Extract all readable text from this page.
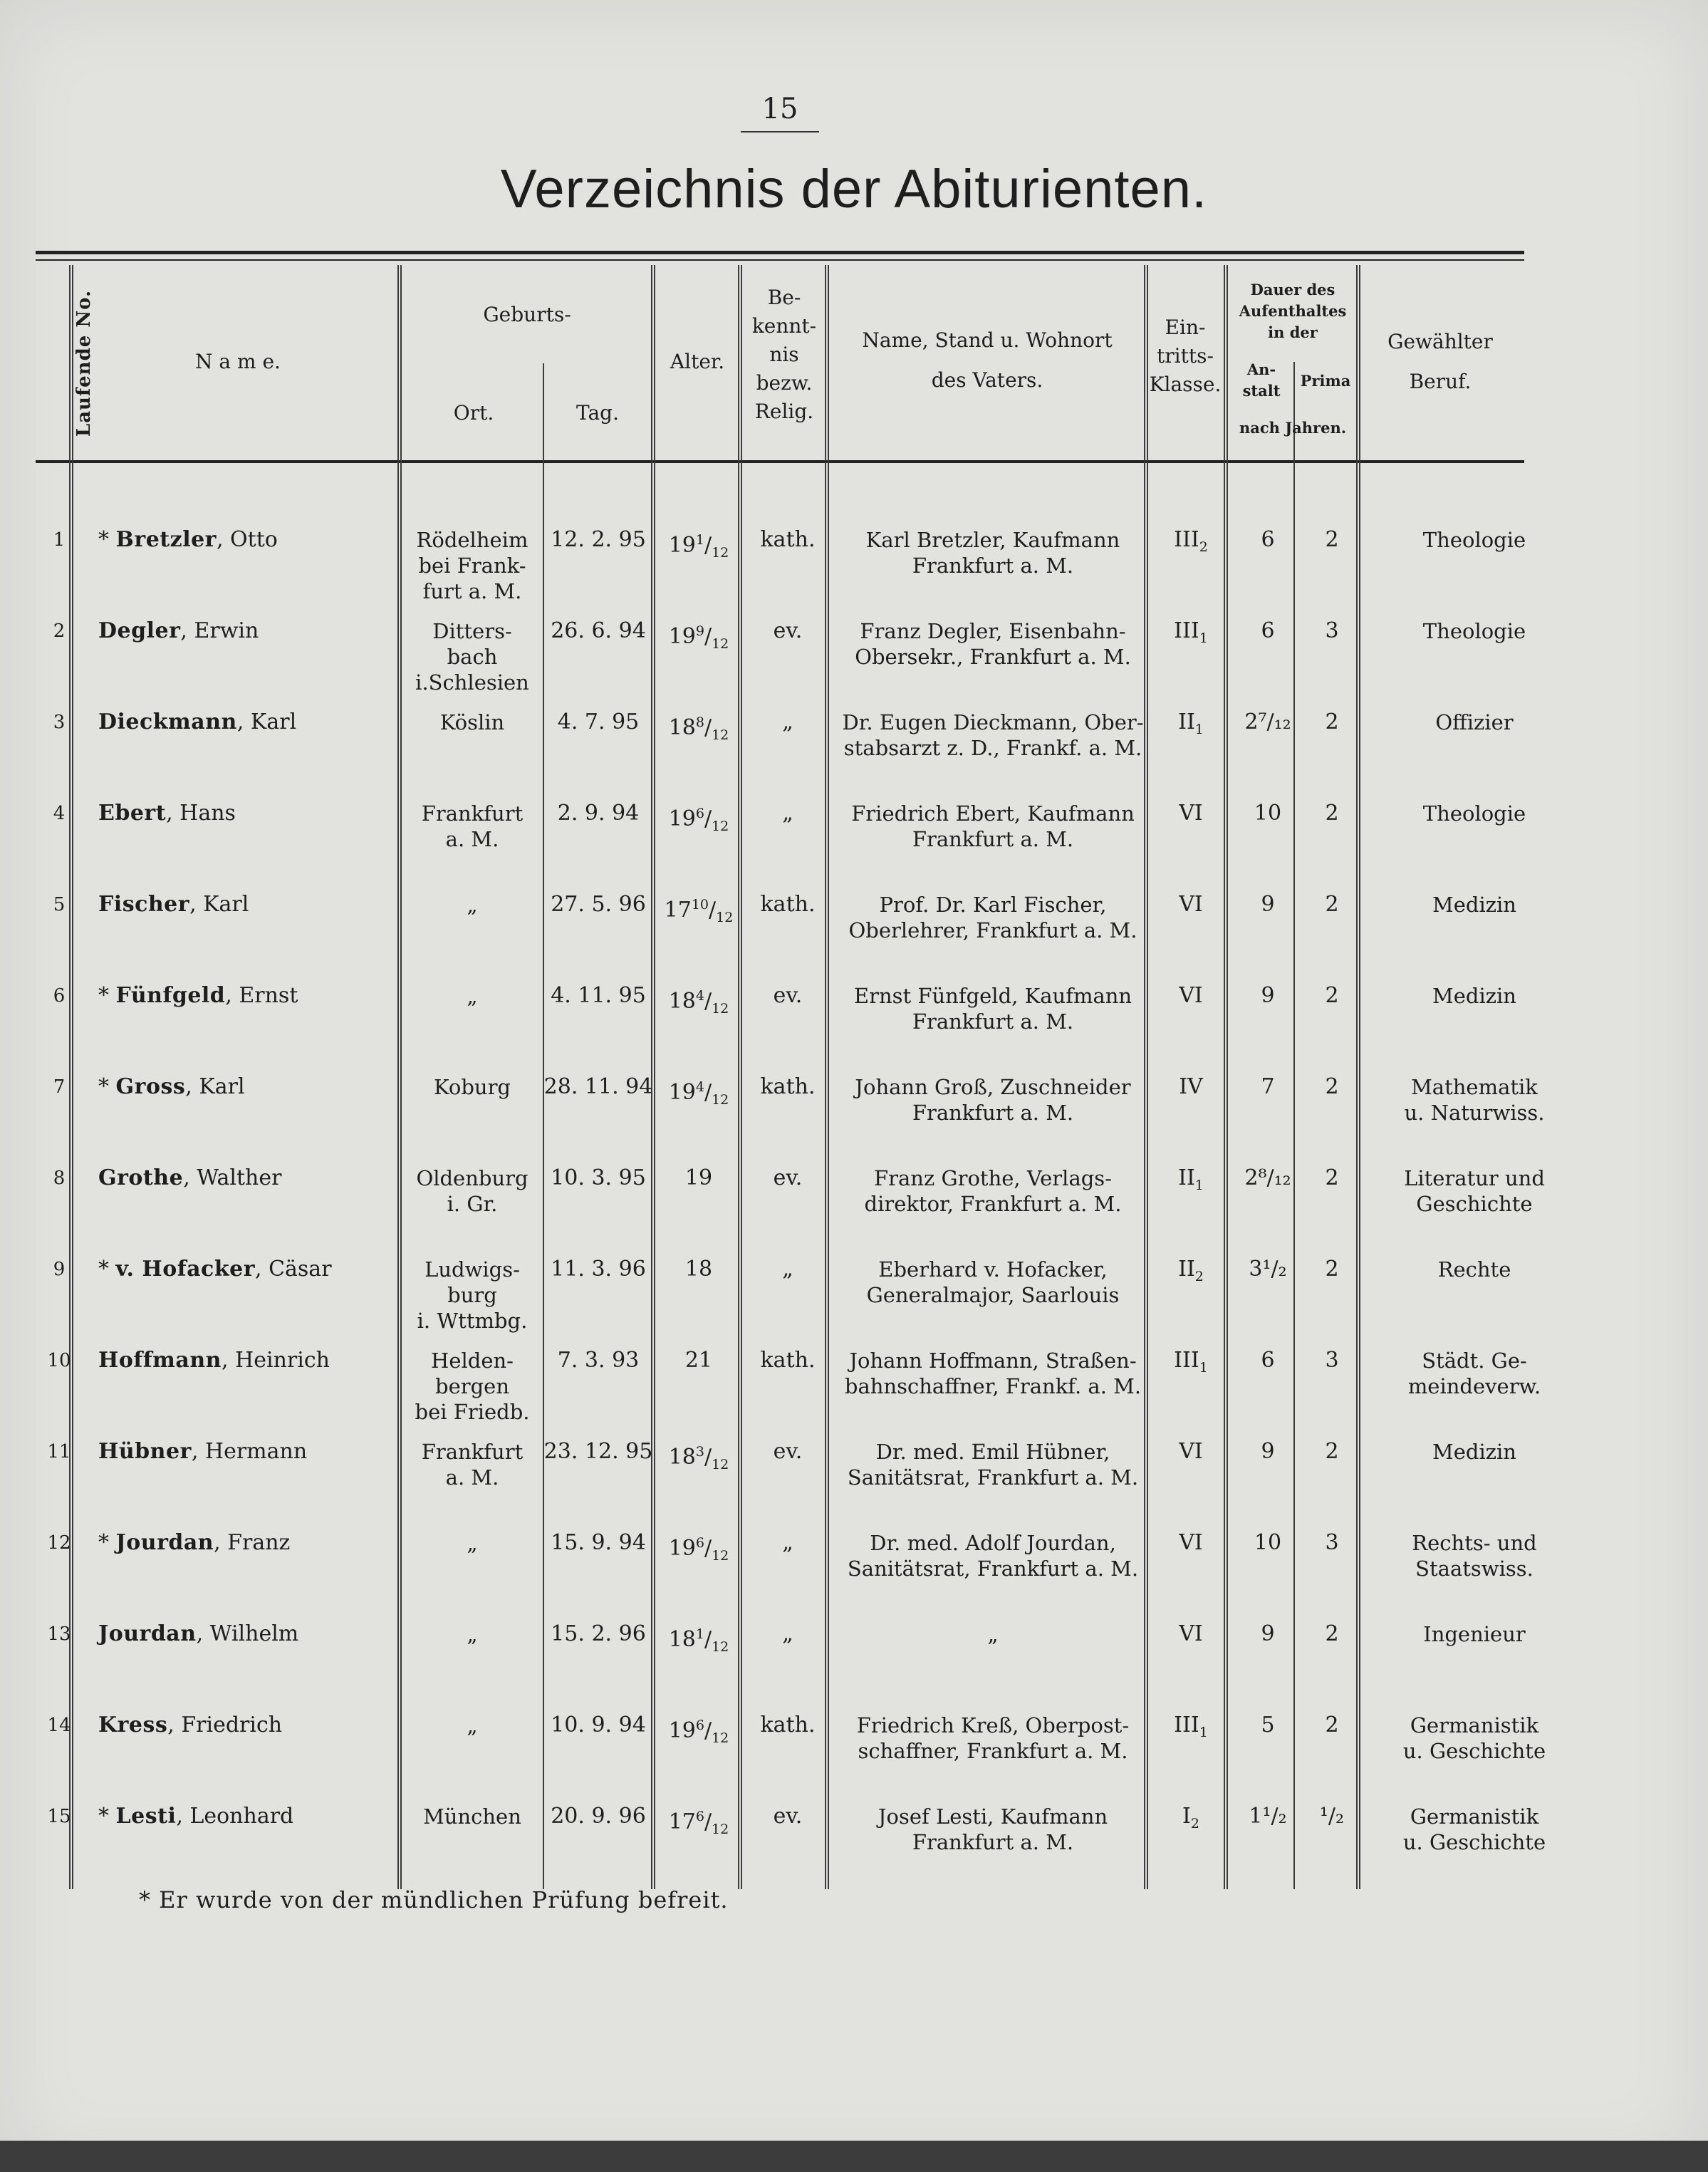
15
Verzeichnis der Abiturienten.
Laufende No.	N a m e.
Geburts-
Ort.	Tag.
Alter.
Be-
kennt-
nis
bezw.
Relig.
Name, Stand u. Wohnort
des Vaters.
Ein-
tritts-
Klasse.
Dauer des
Aufenthaltes
in der
An-
stalt
Prima
nach Jahren.
Gewählter
Beruf.
1	* Bretzler, Otto	Rödelheim
bei Frank-
furt a. M.
12. 2. 95	$19^1/_{12}$
kath.	Karl Bretzler, Kaufmann
Frankfurt a. M.
$III_2$	6	2	Theologie
2	Degler, Erwin	Ditters-
bach
i.Schlesien
26. 6. 94	$19^9/_{12}$
ev.	Franz Degler, Eisenbahn-
Obersekr., Frankfurt a. M.
$III_1$	6	3	Theologie
3	Dieckmann, Karl	Köslin	4. 7. 95	$18^8/_{12}$
„	Dr. Eugen Dieckmann, Ober-
stabsarzt z. D., Frankf. a. M.
$II_1$	2⁷/₁₂	2	Offizier
4	Ebert, Hans	Frankfurt
a. M.
2. 9. 94	$19^6/_{12}$
„	Friedrich Ebert, Kaufmann
Frankfurt a. M.
VI	10	2	Theologie
5	Fischer, Karl	„	27. 5. 96 $17^{10}/_{12}$
kath.	Prof. Dr. Karl Fischer,
Oberlehrer, Frankfurt a. M.
VI	9	2	Medizin
6	* Fünfgeld, Ernst	„	4. 11. 95	$18^4/_{12}$
ev.	Ernst Fünfgeld, Kaufmann
Frankfurt a. M.
VI	9	2	Medizin
7	* Gross, Karl	Koburg	28. 11. 94 $19^4/_{12}$
kath.	Johann Groß, Zuschneider
Frankfurt a. M.
IV	7	2	Mathematik
u. Naturwiss.
8	Grothe, Walther	Oldenburg
i. Gr.
10. 3. 95	19	ev.	Franz Grothe, Verlags-
direktor, Frankfurt a. M.
$II_1$	2⁸/₁₂	2	Literatur und
Geschichte
9	* v. Hofacker, Cäsar	Ludwigs-
burg
i. Wttmbg.
11. 3. 96	18	„	Eberhard v. Hofacker,
Generalmajor, Saarlouis
$II_2$	3¹/₂	2	Rechte
10 Hoffmann, Heinrich	Helden-
bergen
bei Friedb.
7. 3. 93	21	kath.	Johann Hoffmann, Straßen-
bahnschaffner, Frankf. a. M.
$III_1$	6	3	Städt. Ge-
meindeverw.
11 Hübner, Hermann	Frankfurt
a. M.
23. 12. 95 $18^3/_{12}$
ev.	Dr. med. Emil Hübner,
Sanitätsrat, Frankfurt a. M.
VI	9	2	Medizin
12 * Jourdan, Franz	„	15. 9. 94	$19^6/_{12}$
„	Dr. med. Adolf Jourdan,
Sanitätsrat, Frankfurt a. M.
VI	10	3	Rechts- und
Staatswiss.
13 Jourdan, Wilhelm	„	15. 2. 96	$18^1/_{12}$
„	„	VI	9	2	Ingenieur
14 Kress, Friedrich	„	10. 9. 94	$19^6/_{12}$
kath.	Friedrich Kreß, Oberpost-
schaffner, Frankfurt a. M.
$III_1$	5	2	Germanistik
u. Geschichte
15 * Lesti, Leonhard	München	20. 9. 96	$17^6/_{12}$
ev.	Josef Lesti, Kaufmann
Frankfurt a. M.
$I_2$	1¹/₂	¹/₂	Germanistik
u. Geschichte
* Er wurde von der mündlichen Prüfung befreit.
